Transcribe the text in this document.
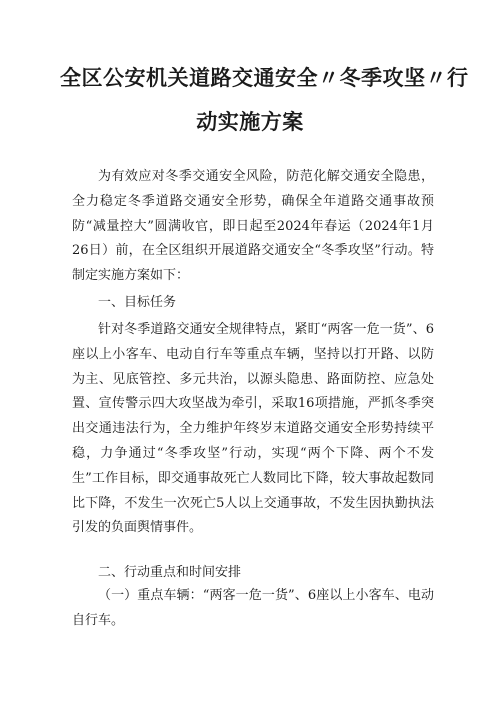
全区公安机关道路交通安全〃冬季攻坚〃行
动实施方案

为有效应对冬季交通安全风险，防范化解交通安全隐患，全力稳定冬季道路交通安全形势，确保全年道路交通事故预防“减量控大”圆满收官，即日起至2024年春运（2024年1月26日）前，在全区组织开展道路交通安全“冬季攻坚”行动。特制定实施方案如下：

一、目标任务

针对冬季道路交通安全规律特点，紧盯“两客一危一货”、6座以上小客车、电动自行车等重点车辆，坚持以打开路、以防为主、见底管控、多元共治，以源头隐患、路面防控、应急处置、宣传警示四大攻坚战为牵引，采取16项措施，严抓冬季突出交通违法行为，全力维护年终岁末道路交通安全形势持续平稳，力争通过“冬季攻坚”行动，实现“两个下降、两个不发生”工作目标，即交通事故死亡人数同比下降，较大事故起数同比下降，不发生一次死亡5人以上交通事故，不发生因执勤执法引发的负面舆情事件。

二、行动重点和时间安排

（一）重点车辆：“两客一危一货”、6座以上小客车、电动自行车。
